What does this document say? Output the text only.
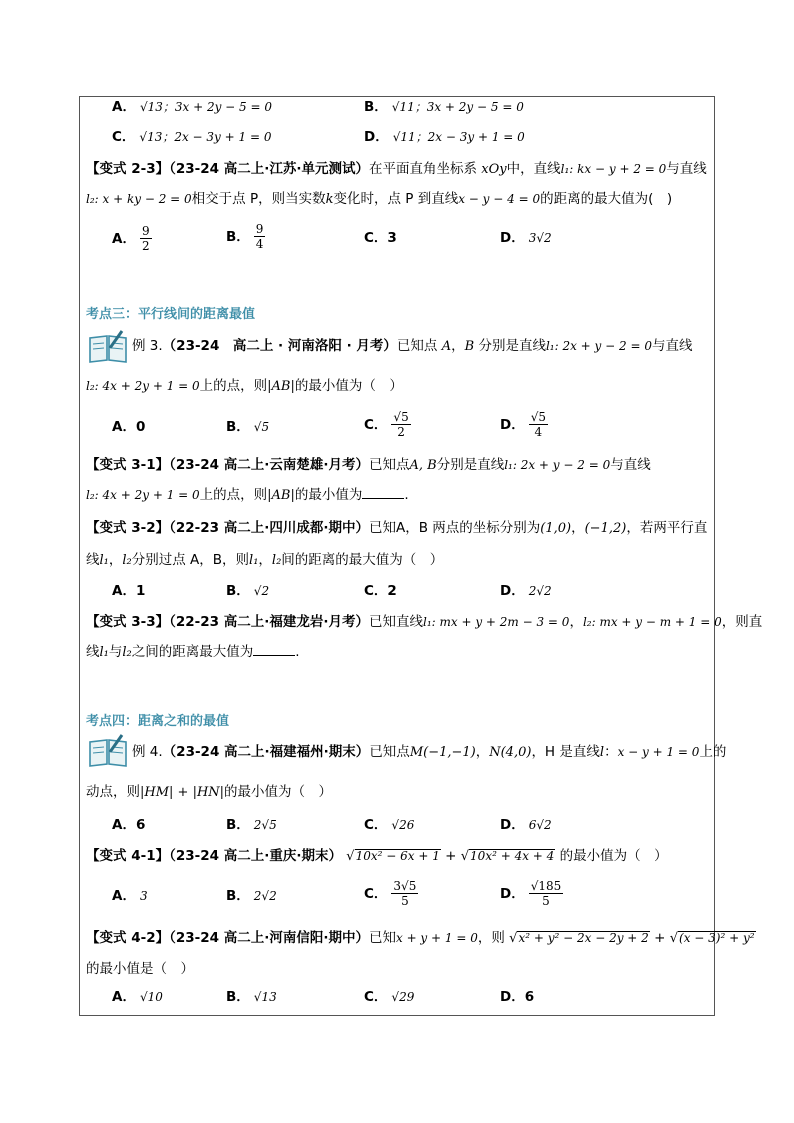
A． √13；3x + 2y − 5 = 0	B． √11；3x + 2y − 5 = 0
C． √13；2x − 3y + 1 = 0	D． √11；2x − 3y + 1 = 0
【变式 2-3】（23-24 高二上·江苏·单元测试）在平面直角坐标系 xOy中，直线l₁: kx − y + 2 = 0与直线
l₂: x + ky − 2 = 0相交于点 P，则当实数k变化时，点 P 到直线x − y − 4 = 0的距离的最大值为(　)
A． $\frac{9}{2}$	B． $\frac{9}{4}$	C．3	D． 3√2
考点三：平行线间的距离最值
例 3.（23-24　高二上 · 河南洛阳 · 月考）已知点 A，B 分别是直线l₁: 2x + y − 2 = 0与直线
l₂: 4x + 2y + 1 = 0上的点，则|AB|的最小值为（　）
A．0	B． √5	C． $\frac{√5}{2}$	D． $\frac{√5}{4}$
【变式 3-1】（23-24 高二上·云南楚雄·月考）已知点A, B分别是直线l₁: 2x + y − 2 = 0与直线
l₂: 4x + 2y + 1 = 0上的点，则|AB|的最小值为	.
【变式 3-2】（22-23 高二上·四川成都·期中）已知A，B 两点的坐标分别为(1,0)，(−1,2)，若两平行直
线l₁，l₂分别过点 A，B，则l₁，l₂间的距离的最大值为（　）
A．1	B． √2	C．2	D． 2√2
【变式 3-3】（22-23 高二上·福建龙岩·月考）已知直线l₁: mx + y + 2m − 3 = 0，l₂: mx + y − m + 1 = 0，则直
线l₁与l₂之间的距离最大值为	.
考点四：距离之和的最值
例 4.（23-24 高二上·福建福州·期末）已知点M(−1,−1)，N(4,0)，H 是直线l：x − y + 1 = 0上的
动点，则|HM| + |HN|的最小值为（　）
A．6	B． 2√5	C． √26	D． 6√2
【变式 4-1】（23-24 高二上·重庆·期末） √10x² − 6x + 1 + √10x² + 4x + 4 的最小值为（　）
A． 3	B． 2√2	C． $\frac{3√5}{5}$	D． $\frac{√185}{5}$
【变式 4-2】（23-24 高二上·河南信阳·期中）已知x + y + 1 = 0，则 √x² + y² − 2x − 2y + 2 + √(x − 3)² + y²
的最小值是（　）
A． √10	B． √13	C． √29	D．6
